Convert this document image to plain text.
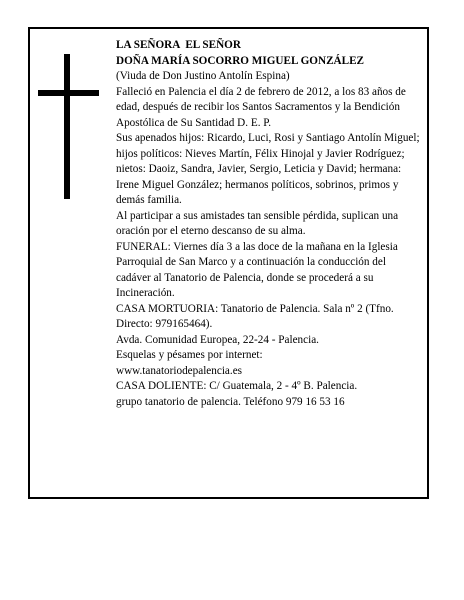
LA SEÑORA  EL SEÑOR

DOÑA MARÍA SOCORRO MIGUEL GONZÁLEZ

(Viuda de Don Justino Antolín Espina)

Falleció en Palencia el día 2 de febrero de 2012, a los 83 años de edad, después de recibir los Santos Sacramentos y la Bendición Apostólica de Su Santidad D. E. P.

Sus apenados hijos: Ricardo, Luci, Rosi y Santiago Antolín Miguel; hijos políticos: Nieves Martín, Félix Hinojal y Javier Rodríguez; nietos: Daoiz, Sandra, Javier, Sergio, Leticia y David; hermana: Irene Miguel González; hermanos políticos, sobrinos, primos y demás familia.

Al participar a sus amistades tan sensible pérdida, suplican una oración por el eterno descanso de su alma.

FUNERAL: Viernes día 3 a las doce de la mañana en la Iglesia Parroquial de San Marco y a continuación la conducción del cadáver al Tanatorio de Palencia, donde se procederá a su Incineración.

CASA MORTUORIA: Tanatorio de Palencia. Sala nº 2 (Tfno. Directo: 979165464).

Avda. Comunidad Europea, 22-24 - Palencia.

Esquelas y pésames por internet:

www.tanatoriodepalencia.es

CASA DOLIENTE: C/ Guatemala, 2 - 4º B. Palencia.

grupo tanatorio de palencia. Teléfono 979 16 53 16
